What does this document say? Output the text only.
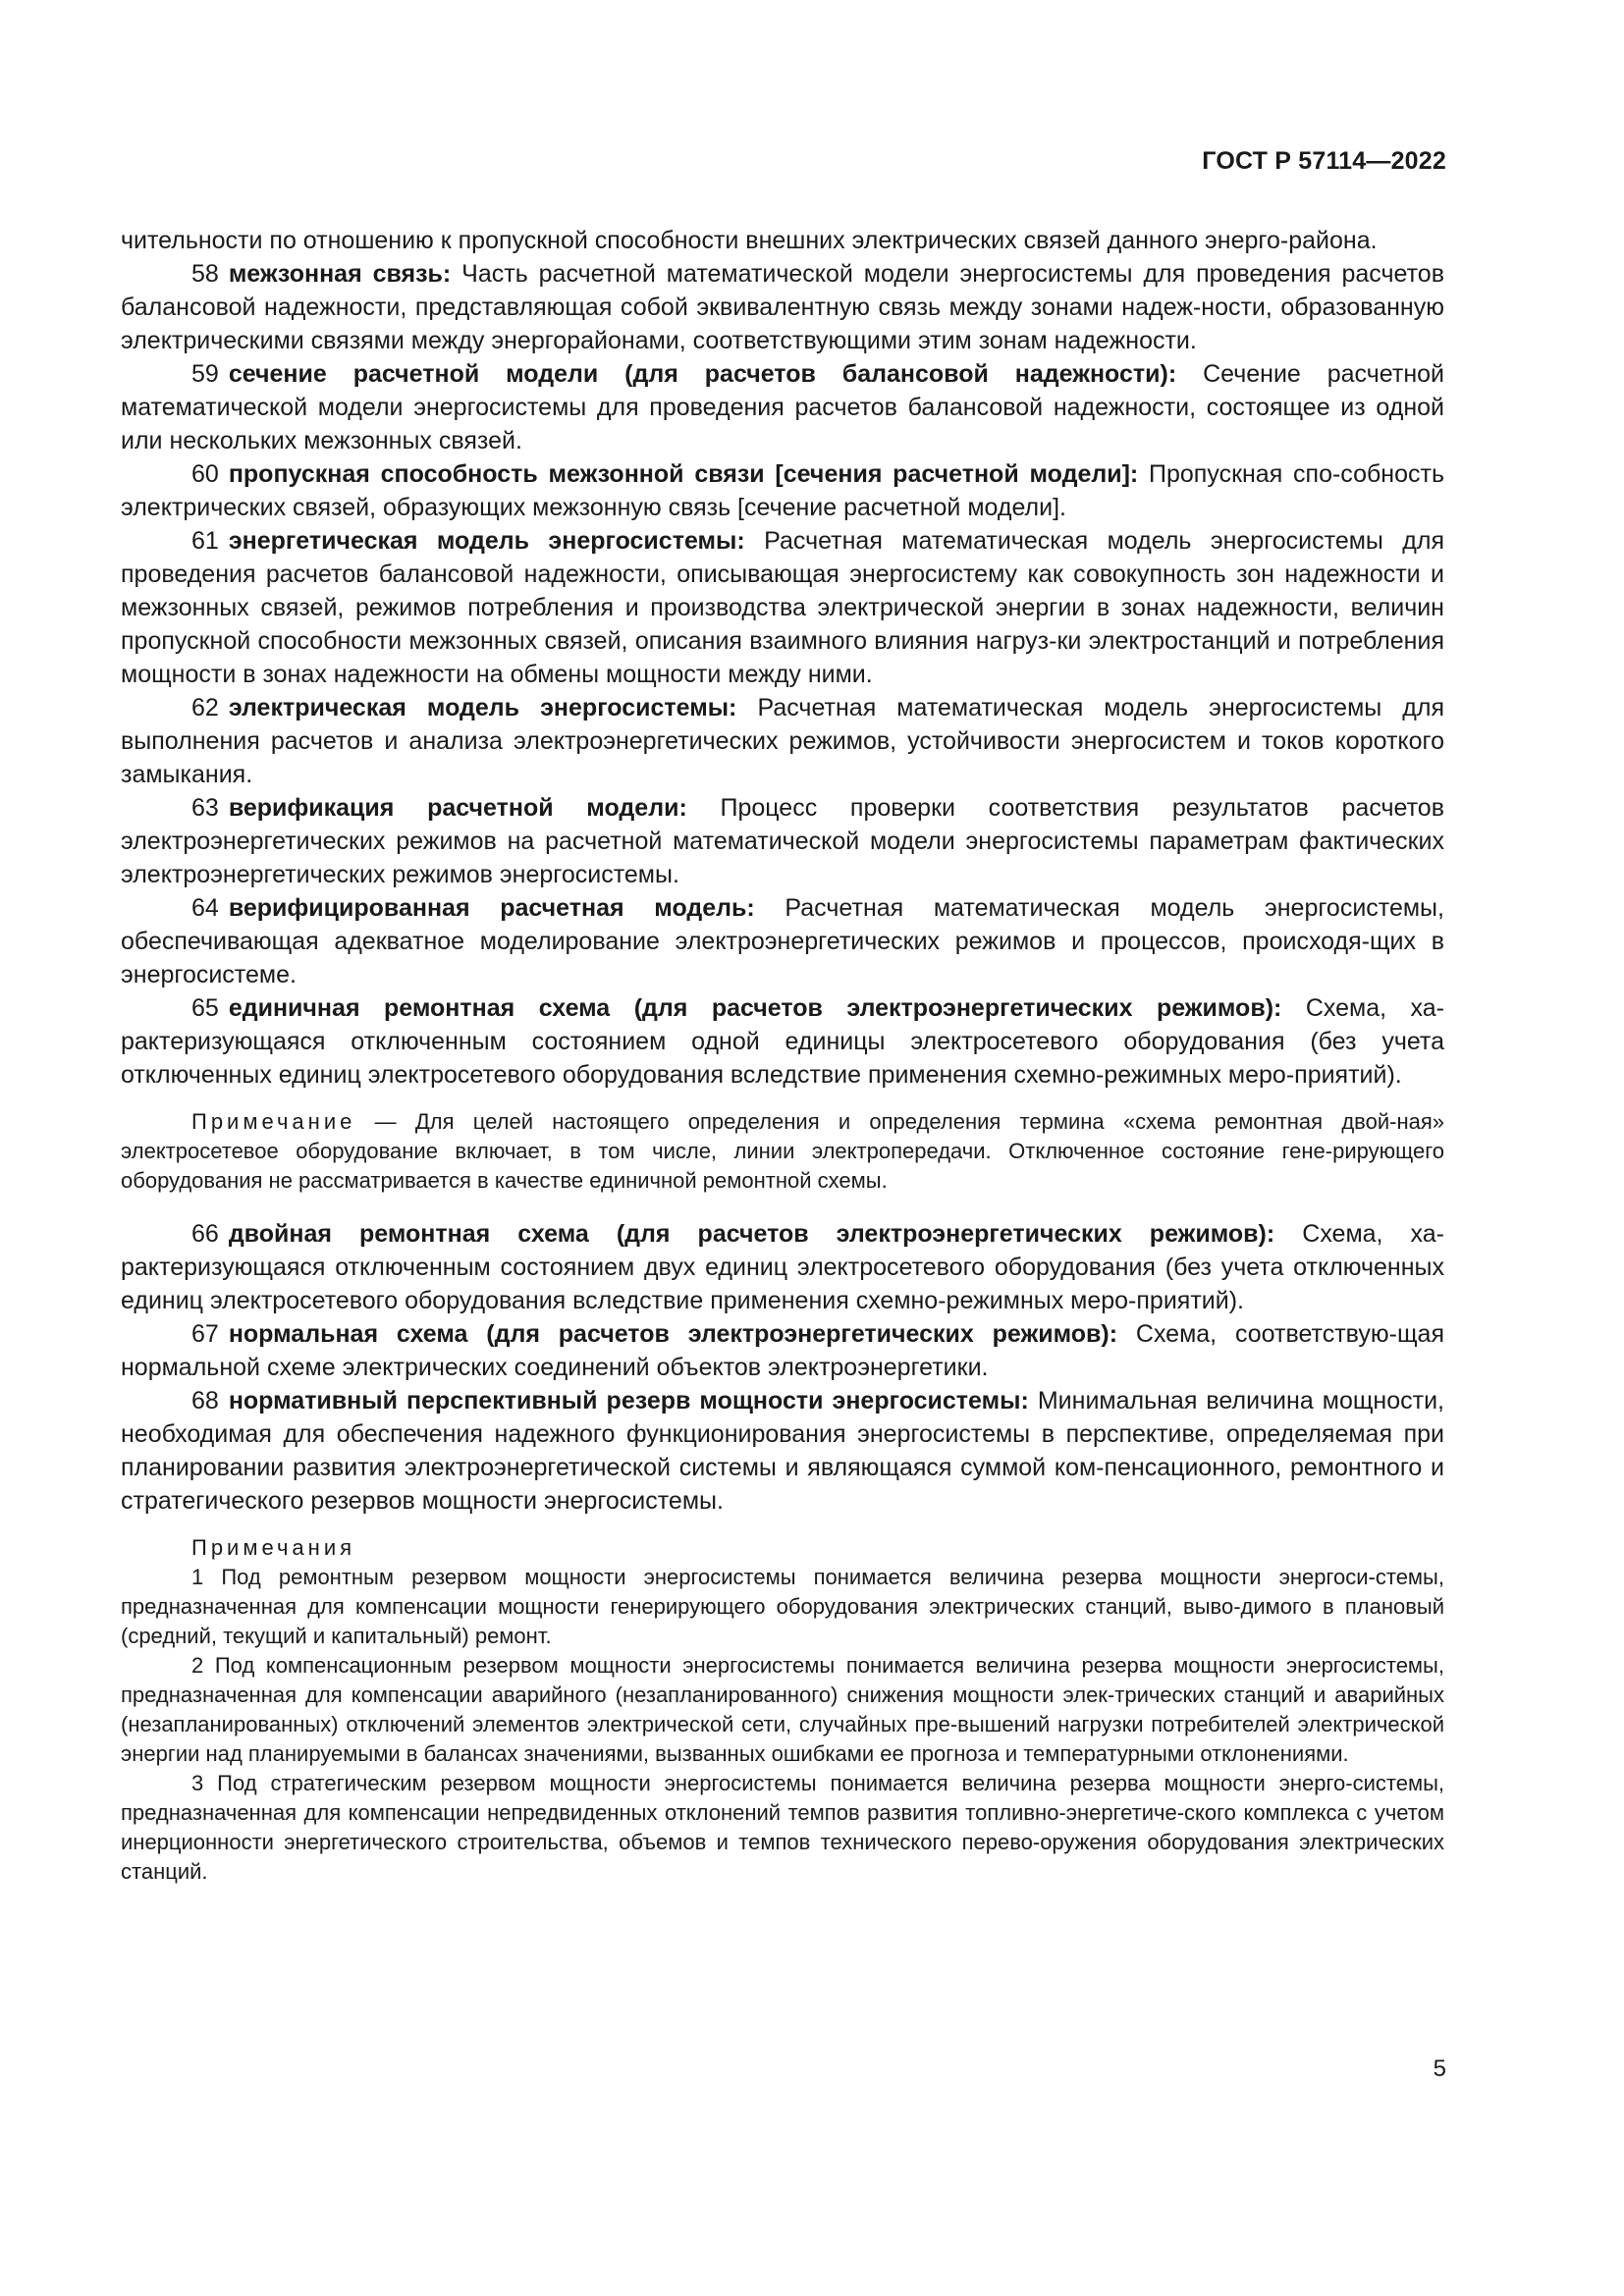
ГОСТ Р 57114—2022

чительности по отношению к пропускной способности внешних электрических связей данного энерго-района.

58 межзонная связь: Часть расчетной математической модели энергосистемы для проведения расчетов балансовой надежности, представляющая собой эквивалентную связь между зонами надеж-ности, образованную электрическими связями между энергорайонами, соответствующими этим зонам надежности.

59 сечение расчетной модели (для расчетов балансовой надежности): Сечение расчетной математической модели энергосистемы для проведения расчетов балансовой надежности, состоящее из одной или нескольких межзонных связей.

60 пропускная способность межзонной связи [сечения расчетной модели]: Пропускная спо-собность электрических связей, образующих межзонную связь [сечение расчетной модели].

61 энергетическая модель энергосистемы: Расчетная математическая модель энергосистемы для проведения расчетов балансовой надежности, описывающая энергосистему как совокупность зон надежности и межзонных связей, режимов потребления и производства электрической энергии в зонах надежности, величин пропускной способности межзонных связей, описания взаимного влияния нагруз-ки электростанций и потребления мощности в зонах надежности на обмены мощности между ними.

62 электрическая модель энергосистемы: Расчетная математическая модель энергосистемы для выполнения расчетов и анализа электроэнергетических режимов, устойчивости энергосистем и токов короткого замыкания.

63 верификация расчетной модели: Процесс проверки соответствия результатов расчетов электроэнергетических режимов на расчетной математической модели энергосистемы параметрам фактических электроэнергетических режимов энергосистемы.

64 верифицированная расчетная модель: Расчетная математическая модель энергосистемы, обеспечивающая адекватное моделирование электроэнергетических режимов и процессов, происходя-щих в энергосистеме.

65 единичная ремонтная схема (для расчетов электроэнергетических режимов): Схема, ха-рактеризующаяся отключенным состоянием одной единицы электросетевого оборудования (без учета отключенных единиц электросетевого оборудования вследствие применения схемно-режимных меро-приятий).

Примечание — Для целей настоящего определения и определения термина «схема ремонтная двой-ная» электросетевое оборудование включает, в том числе, линии электропередачи. Отключенное состояние гене-рирующего оборудования не рассматривается в качестве единичной ремонтной схемы.

66 двойная ремонтная схема (для расчетов электроэнергетических режимов): Схема, ха-рактеризующаяся отключенным состоянием двух единиц электросетевого оборудования (без учета отключенных единиц электросетевого оборудования вследствие применения схемно-режимных меро-приятий).

67 нормальная схема (для расчетов электроэнергетических режимов): Схема, соответствую-щая нормальной схеме электрических соединений объектов электроэнергетики.

68 нормативный перспективный резерв мощности энергосистемы: Минимальная величина мощности, необходимая для обеспечения надежного функционирования энергосистемы в перспективе, определяемая при планировании развития электроэнергетической системы и являющаяся суммой ком-пенсационного, ремонтного и стратегического резервов мощности энергосистемы.

Примечания

1 Под ремонтным резервом мощности энергосистемы понимается величина резерва мощности энергоси-стемы, предназначенная для компенсации мощности генерирующего оборудования электрических станций, выво-димого в плановый (средний, текущий и капитальный) ремонт.

2 Под компенсационным резервом мощности энергосистемы понимается величина резерва мощности энергосистемы, предназначенная для компенсации аварийного (незапланированного) снижения мощности элек-трических станций и аварийных (незапланированных) отключений элементов электрической сети, случайных пре-вышений нагрузки потребителей электрической энергии над планируемыми в балансах значениями, вызванных ошибками ее прогноза и температурными отклонениями.

3 Под стратегическим резервом мощности энергосистемы понимается величина резерва мощности энерго-системы, предназначенная для компенсации непредвиденных отклонений темпов развития топливно-энергетиче-ского комплекса с учетом инерционности энергетического строительства, объемов и темпов технического перево-оружения оборудования электрических станций.

5
